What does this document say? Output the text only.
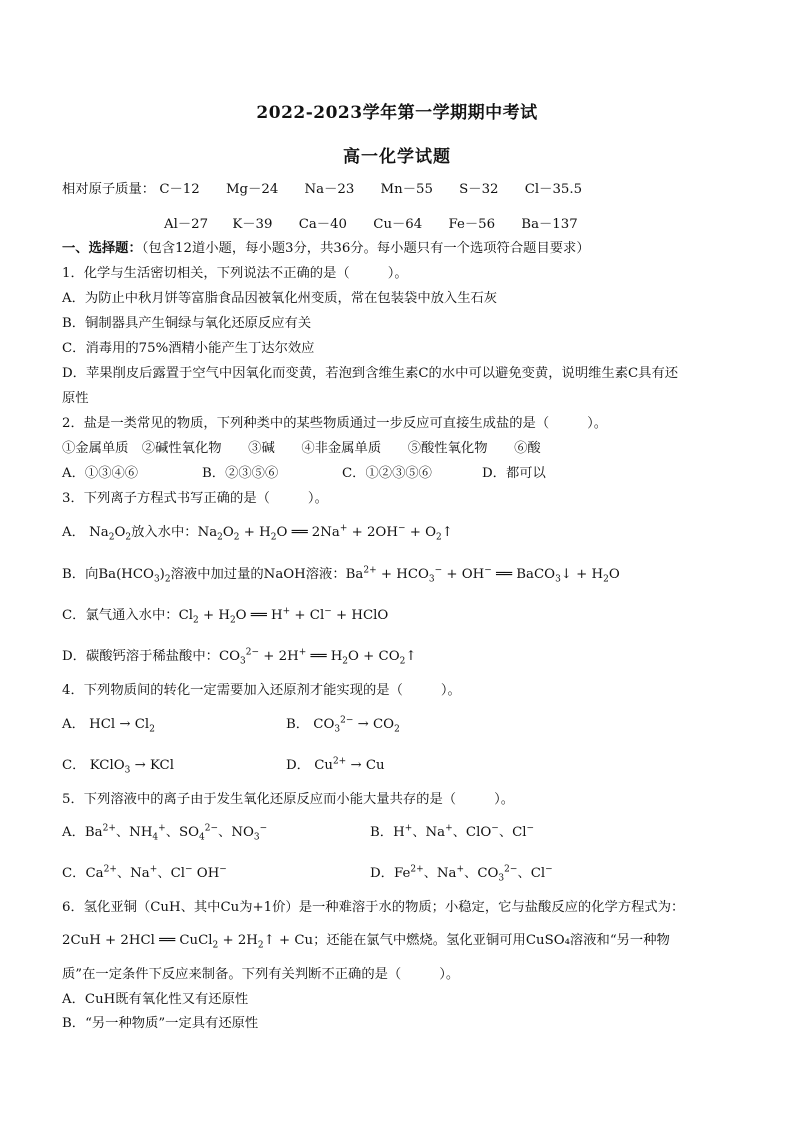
2022-2023学年第一学期期中考试
高一化学试题
相对原子质量： C－12 Mg－24 Na－23 Mn－55 S－32 Cl－35.5
Al－27 K－39 Ca－40 Cu－64 Fe－56 Ba－137
一、选择题：（包含12道小题，每小题3分，共36分。每小题只有一个选项符合题目要求）
1．化学与生活密切相关，下列说法不正确的是（	）。
A．为防止中秋月饼等富脂食品因被氧化州变质，常在包装袋中放入生石灰
B．铜制器具产生铜绿与氧化还原反应有关
C．消毒用的75%酒精小能产生丁达尔效应
D．苹果削皮后露置于空气中因氧化而变黄，若泡到含维生素C的水中可以避免变黄，说明维生素C具有还
原性
2．盐是一类常见的物质，下列种类中的某些物质通过一步反应可直接生成盐的是（	）。
①金属单质　②碱性氧化物　　③碱　　④非金属单质　　⑤酸性氧化物　　⑥酸
A．①③④⑥	B．②③⑤⑥	C．①②③⑤⑥	D．都可以
3．下列离子方程式书写正确的是（	）。
A． $Na_2O_2$放入水中：$Na_2O_2 + H_2O$ ══ $2Na^+ + 2OH^- + O_2↑$
B．向$Ba(HCO_3)_2$溶液中加过量的NaOH溶液：$Ba^{2+} + HCO_3^- + OH^-$ ══ BaCO$_3$↓ + $H_2O$
C．氯气通入水中：$Cl_2 + H_2O$ ══ H+ + Cl− + HClO
D．碳酸钙溶于稀盐酸中：$CO_3^{2-} + 2H^+$ ══ $H_2O$ + $CO_2↑$
4．下列物质间的转化一定需要加入还原剂才能实现的是（	）。
A． HCl → $Cl_2$	B． $CO_3^{2-} \to CO_2$
C． KClO$_3$ → KCl	D． $Cu^{2+} \to Cu$
5．下列溶液中的离子由于发生氧化还原反应而小能大量共存的是（	）。
A．$Ba^{2+}$、$NH_4^+$、$SO_4^{2-}$、$NO_3^-$	B．H+、Na+、ClO−、Cl−
C．$Ca^{2+}$、Na+、Cl− OH−	D．$Fe^{2+}$、Na+、$CO_3^{2-}$、Cl−
6．氢化亚铜（CuH、其中Cu为+1价）是一种难溶于水的物质；小稳定，它与盐酸反应的化学方程式为：
2CuH + 2HCl ══ CuCl$_2$ + $2H_2↑ + Cu$；还能在氯气中燃烧。氢化亚铜可用CuSO₄溶液和“另一种物
质”在一定条件下反应来制备。下列有关判断不正确的是（	）。
A．CuH既有氧化性又有还原性
B．“另一种物质”一定具有还原性
